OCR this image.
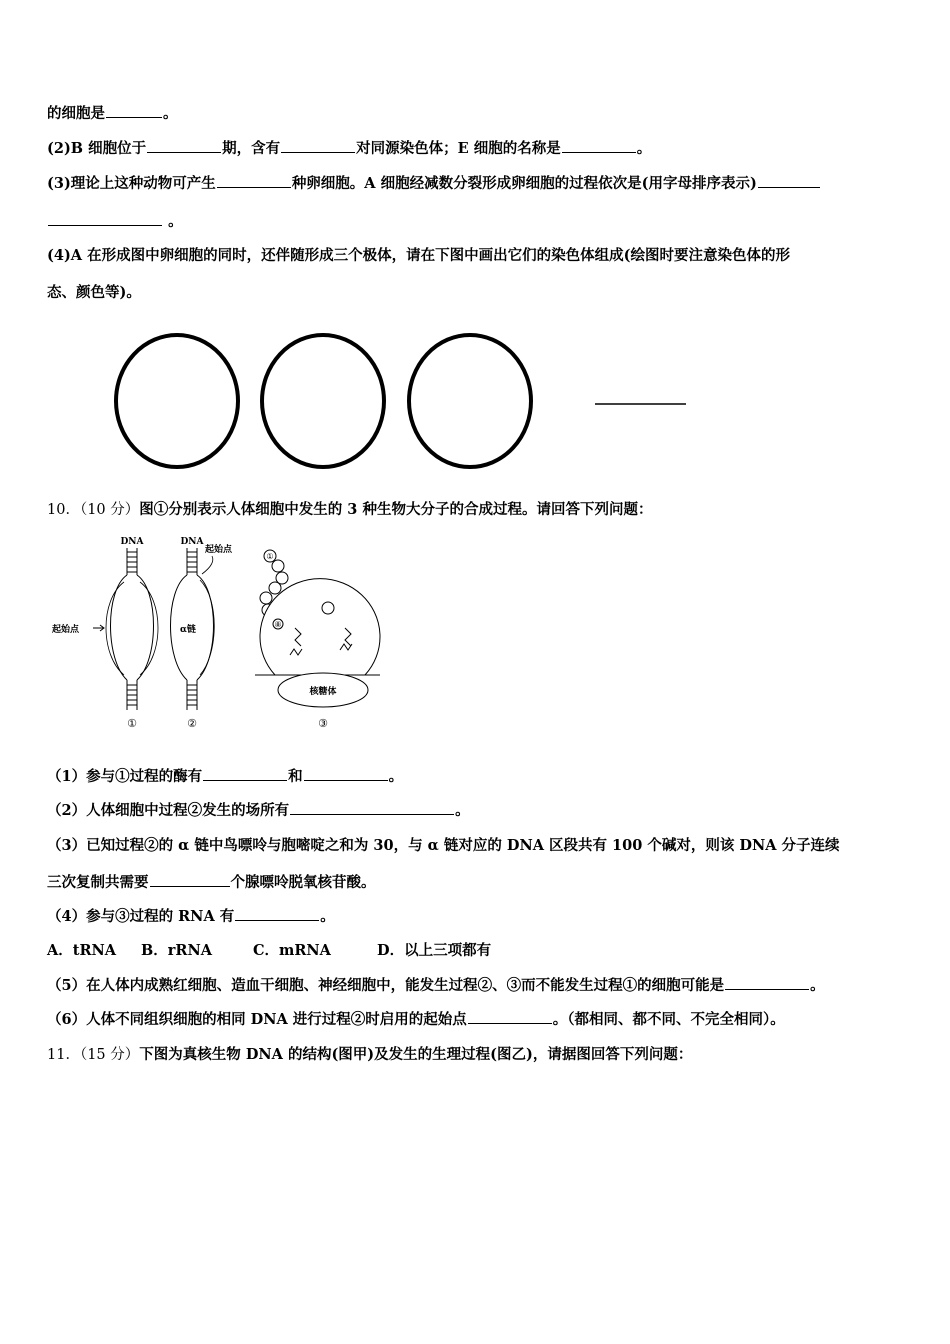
的细胞是	。
(2)B 细胞位于	期，含有	对同源染色体；E 细胞的名称是	。
(3)理论上这种动物可产生	种卵细胞。A 细胞经减数分裂形成卵细胞的过程依次是(用字母排序表示)
。
(4)A 在形成图中卵细胞的同时，还伴随形成三个极体，请在下图中画出它们的染色体组成(绘图时要注意染色体的形
态、颜色等)。
10．（10 分）图①分别表示人体细胞中发生的 3 种生物大分子的合成过程。请回答下列问题：
DNA
起始点
①
DNA
起始点
α链
②
①
⑧
核糖体
③
（1）参与①过程的酶有	和	。
（2）人体细胞中过程②发生的场所有	。
（3）已知过程②的 α 链中鸟嘌呤与胞嘧啶之和为 30，与 α 链对应的 DNA 区段共有 100 个碱对，则该 DNA 分子连续
三次复制共需要	个腺嘌呤脱氧核苷酸。
（4）参与③过程的 RNA 有	。
A．tRNA B．rRNA	C．mRNA	D．以上三项都有
（5）在人体内成熟红细胞、造血干细胞、神经细胞中，能发生过程②、③而不能发生过程①的细胞可能是	。
（6）人体不同组织细胞的相同 DNA 进行过程②时启用的起始点	。（都相同、都不同、不完全相同）。
11．（15 分）下图为真核生物 DNA 的结构(图甲)及发生的生理过程(图乙)，请据图回答下列问题：
